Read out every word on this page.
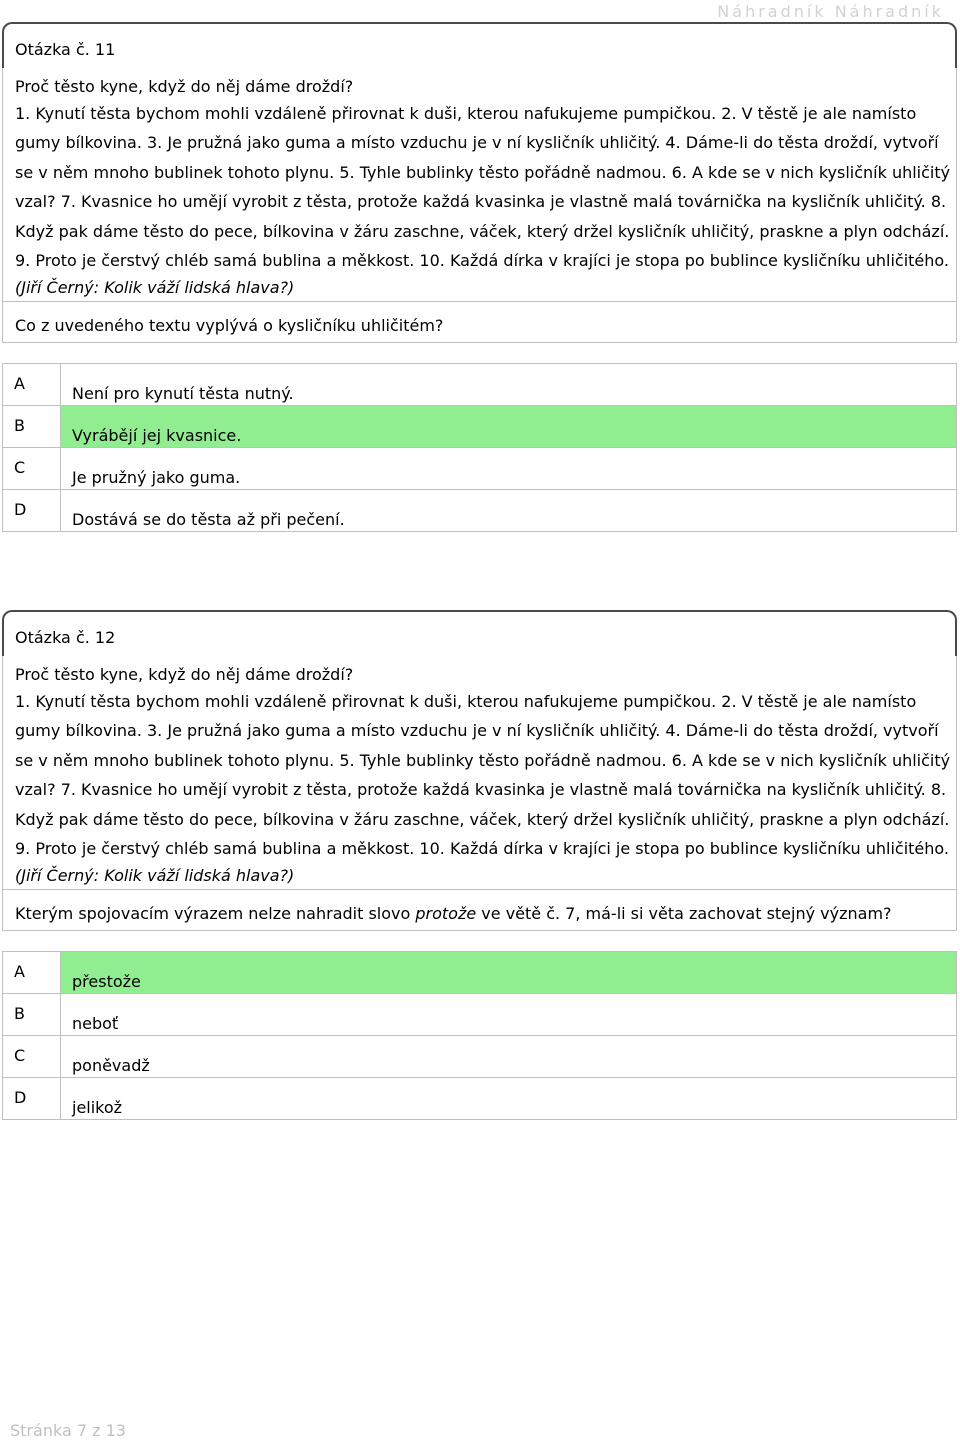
Náhradník Náhradník
Otázka č. 11
Proč těsto kyne, když do něj dáme droždí?
1. Kynutí těsta bychom mohli vzdáleně přirovnat k duši, kterou nafukujeme pumpičkou. 2. V těstě je ale namísto gumy bílkovina. 3. Je pružná jako guma a místo vzduchu je v ní kysličník uhličitý. 4. Dáme-li do těsta droždí, vytvoří se v něm mnoho bublinek tohoto plynu. 5. Tyhle bublinky těsto pořádně nadmou. 6. A kde se v nich kysličník uhličitý vzal? 7. Kvasnice ho umějí vyrobit z těsta, protože každá kvasinka je vlastně malá továrnička na kysličník uhličitý. 8. Když pak dáme těsto do pece, bílkovina v žáru zaschne, váček, který držel kysličník uhličitý, praskne a plyn odchází. 9. Proto je čerstvý chléb samá bublina a měkkost. 10. Každá dírka v krajíci je stopa po bublince kysličníku uhličitého.
(Jiří Černý: Kolik váží lidská hlava?)
Co z uvedeného textu vyplývá o kysličníku uhličitém?
A
Není pro kynutí těsta nutný.
B
Vyrábějí jej kvasnice.
C
Je pružný jako guma.
D
Dostává se do těsta až při pečení.
Otázka č. 12
Proč těsto kyne, když do něj dáme droždí?
1. Kynutí těsta bychom mohli vzdáleně přirovnat k duši, kterou nafukujeme pumpičkou. 2. V těstě je ale namísto gumy bílkovina. 3. Je pružná jako guma a místo vzduchu je v ní kysličník uhličitý. 4. Dáme-li do těsta droždí, vytvoří se v něm mnoho bublinek tohoto plynu. 5. Tyhle bublinky těsto pořádně nadmou. 6. A kde se v nich kysličník uhličitý vzal? 7. Kvasnice ho umějí vyrobit z těsta, protože každá kvasinka je vlastně malá továrnička na kysličník uhličitý. 8. Když pak dáme těsto do pece, bílkovina v žáru zaschne, váček, který držel kysličník uhličitý, praskne a plyn odchází. 9. Proto je čerstvý chléb samá bublina a měkkost. 10. Každá dírka v krajíci je stopa po bublince kysličníku uhličitého.
(Jiří Černý: Kolik váží lidská hlava?)
Kterým spojovacím výrazem nelze nahradit slovo protože ve větě č. 7, má-li si věta zachovat stejný význam?
A
přestože
B
neboť
C
poněvadž
D
jelikož
Stránka 7 z 13
